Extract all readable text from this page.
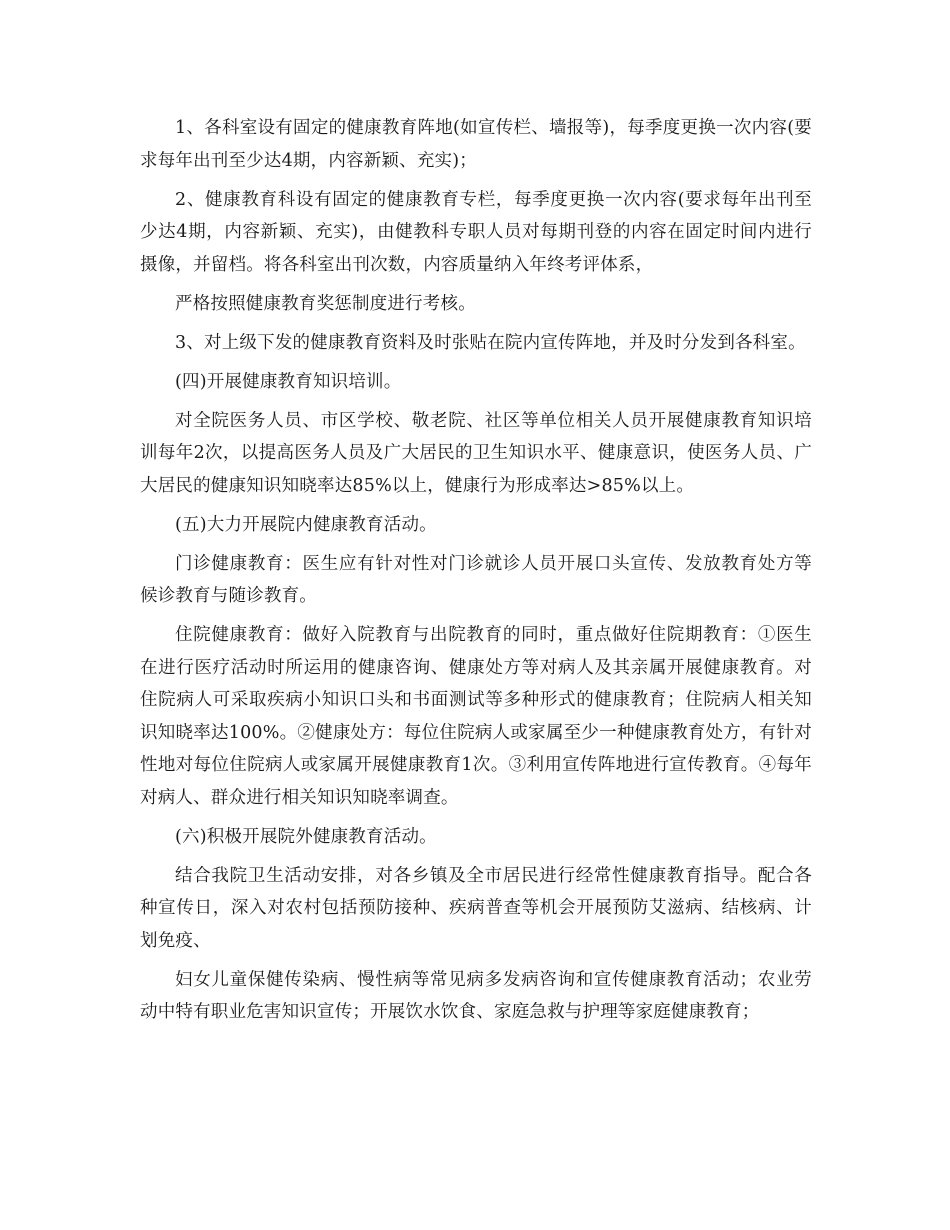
1、各科室设有固定的健康教育阵地(如宣传栏、墙报等)，每季度更换一次内容(要求每年出刊至少达4期，内容新颖、充实)；

2、健康教育科设有固定的健康教育专栏，每季度更换一次内容(要求每年出刊至少达4期，内容新颖、充实)，由健教科专职人员对每期刊登的内容在固定时间内进行摄像，并留档。将各科室出刊次数，内容质量纳入年终考评体系，

严格按照健康教育奖惩制度进行考核。

3、对上级下发的健康教育资料及时张贴在院内宣传阵地，并及时分发到各科室。

(四)开展健康教育知识培训。

对全院医务人员、市区学校、敬老院、社区等单位相关人员开展健康教育知识培训每年2次，以提高医务人员及广大居民的卫生知识水平、健康意识，使医务人员、广大居民的健康知识知晓率达85%以上，健康行为形成率达>85%以上。

(五)大力开展院内健康教育活动。

门诊健康教育：医生应有针对性对门诊就诊人员开展口头宣传、发放教育处方等候诊教育与随诊教育。

住院健康教育：做好入院教育与出院教育的同时，重点做好住院期教育：①医生在进行医疗活动时所运用的健康咨询、健康处方等对病人及其亲属开展健康教育。对住院病人可采取疾病小知识口头和书面测试等多种形式的健康教育；住院病人相关知识知晓率达100%。②健康处方：每位住院病人或家属至少一种健康教育处方，有针对性地对每位住院病人或家属开展健康教育1次。③利用宣传阵地进行宣传教育。④每年对病人、群众进行相关知识知晓率调查。

(六)积极开展院外健康教育活动。

结合我院卫生活动安排，对各乡镇及全市居民进行经常性健康教育指导。配合各种宣传日，深入对农村包括预防接种、疾病普查等机会开展预防艾滋病、结核病、计划免疫、

妇女儿童保健传染病、慢性病等常见病多发病咨询和宣传健康教育活动；农业劳动中特有职业危害知识宣传；开展饮水饮食、家庭急救与护理等家庭健康教育；
